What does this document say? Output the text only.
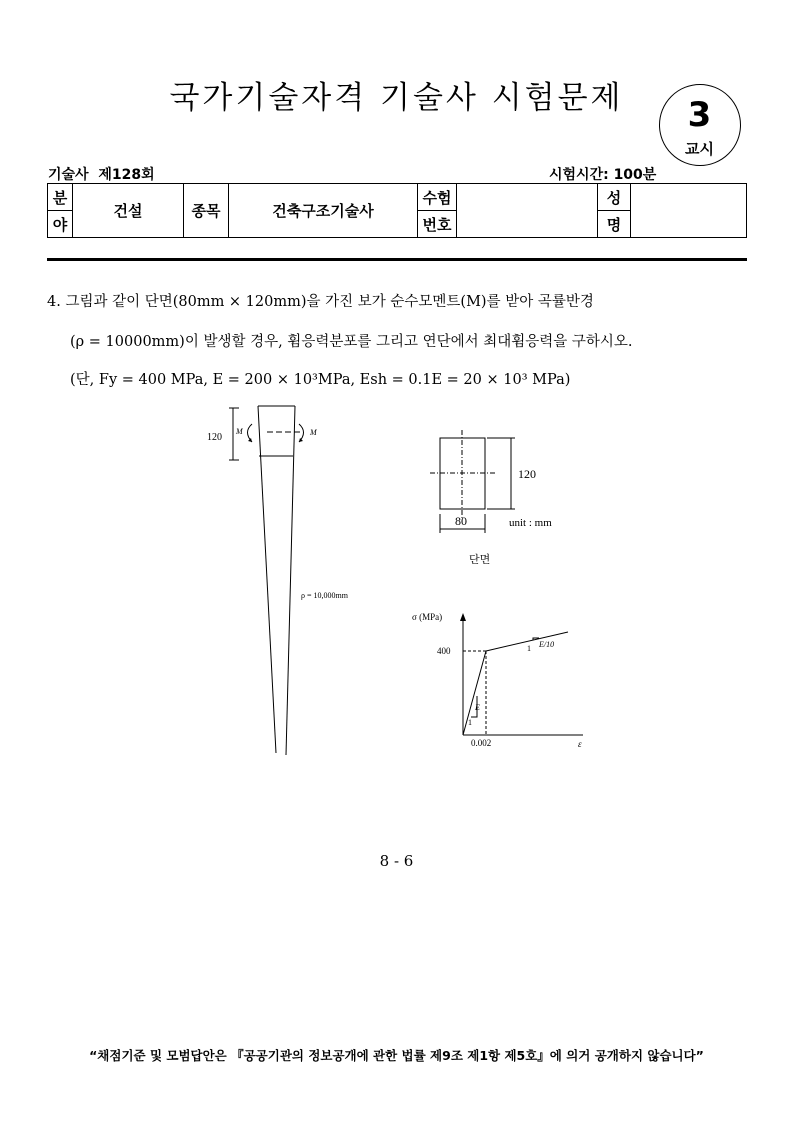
국가기술자격 기술사 시험문제	3
교시
기술사  제128회	시험시간: 100분
분	건설	종목	건축구조기술사	수험		성	
야				번호		명	
4. 그림과 같이 단면(80mm × 120mm)을 가진 보가 순수모멘트(M)를 받아 곡률반경
(ρ = 10000mm)이 발생할 경우, 휨응력분포를 그리고 연단에서 최대휨응력을 구하시오.
(단, Fy = 400 MPa, E = 200 × 10³MPa, Esh = 0.1E = 20 × 10³ MPa)
120
M	M
ρ = 10,000mm
120
80	unit : mm
단면
σ (MPa)
ε
400
0.002
E
1
E/10
1
8 - 6
“채점기준 및 모범답안은 『공공기관의 정보공개에 관한 법률 제9조 제1항 제5호』에 의거 공개하지 않습니다”
